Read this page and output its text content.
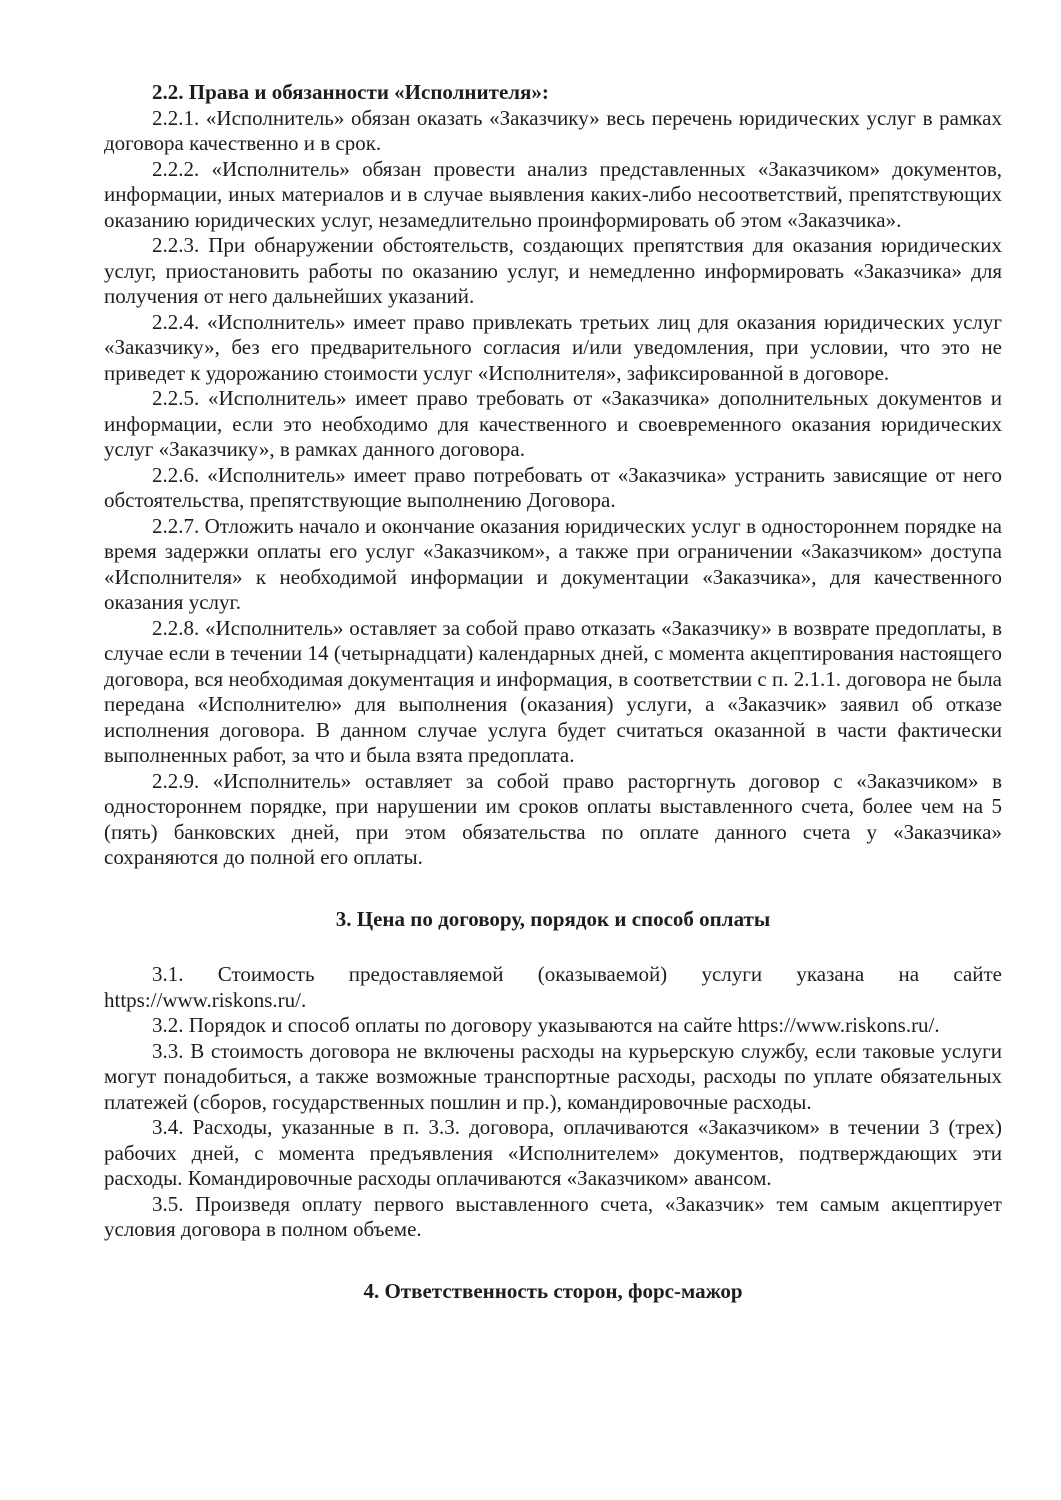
2.2. Права и обязанности «Исполнителя»:

2.2.1. «Исполнитель» обязан оказать «Заказчику» весь перечень юридических услуг в рамках договора качественно и в срок.

2.2.2. «Исполнитель» обязан провести анализ представленных «Заказчиком» документов, информации, иных материалов и в случае выявления каких-либо несоответствий, препятствующих оказанию юридических услуг, незамедлительно проинформировать об этом «Заказчика».

2.2.3. При обнаружении обстоятельств, создающих препятствия для оказания юридических услуг, приостановить работы по оказанию услуг, и немедленно информировать «Заказчика» для получения от него дальнейших указаний.

2.2.4. «Исполнитель» имеет право привлекать третьих лиц для оказания юридических услуг «Заказчику», без его предварительного согласия и/или уведомления, при условии, что это не приведет к удорожанию стоимости услуг «Исполнителя», зафиксированной в договоре.

2.2.5. «Исполнитель» имеет право требовать от «Заказчика» дополнительных документов и информации, если это необходимо для качественного и своевременного оказания юридических услуг «Заказчику», в рамках данного договора.

2.2.6. «Исполнитель» имеет право потребовать от «Заказчика» устранить зависящие от него обстоятельства, препятствующие выполнению Договора.

2.2.7. Отложить начало и окончание оказания юридических услуг в одностороннем порядке на время задержки оплаты его услуг «Заказчиком», а также при ограничении «Заказчиком» доступа «Исполнителя» к необходимой информации и документации «Заказчика», для качественного оказания услуг.

2.2.8. «Исполнитель» оставляет за собой право отказать «Заказчику» в возврате предоплаты, в случае если в течении 14 (четырнадцати) календарных дней, с момента акцептирования настоящего договора, вся необходимая документация и информация, в соответствии с п. 2.1.1. договора не была передана «Исполнителю» для выполнения (оказания) услуги, а «Заказчик» заявил об отказе исполнения договора. В данном случае услуга будет считаться оказанной в части фактически выполненных работ, за что и была взята предоплата.

2.2.9. «Исполнитель» оставляет за собой право расторгнуть договор с «Заказчиком» в одностороннем порядке, при нарушении им сроков оплаты выставленного счета, более чем на 5 (пять) банковских дней, при этом обязательства по оплате данного счета у «Заказчика» сохраняются до полной его оплаты.

3. Цена по договору, порядок и способ оплаты

3.1. Стоимость предоставляемой (оказываемой) услуги указана на сайте https://www.riskons.ru/.

3.2. Порядок и способ оплаты по договору указываются на сайте https://www.riskons.ru/.

3.3. В стоимость договора не включены расходы на курьерскую службу, если таковые услуги могут понадобиться, а также возможные транспортные расходы, расходы по уплате обязательных платежей (сборов, государственных пошлин и пр.), командировочные расходы.

3.4. Расходы, указанные в п. 3.3. договора, оплачиваются «Заказчиком» в течении 3 (трех) рабочих дней, с момента предъявления «Исполнителем» документов, подтверждающих эти расходы. Командировочные расходы оплачиваются «Заказчиком» авансом.

3.5. Произведя оплату первого выставленного счета, «Заказчик» тем самым акцептирует условия договора в полном объеме.

4. Ответственность сторон, форс-мажор
